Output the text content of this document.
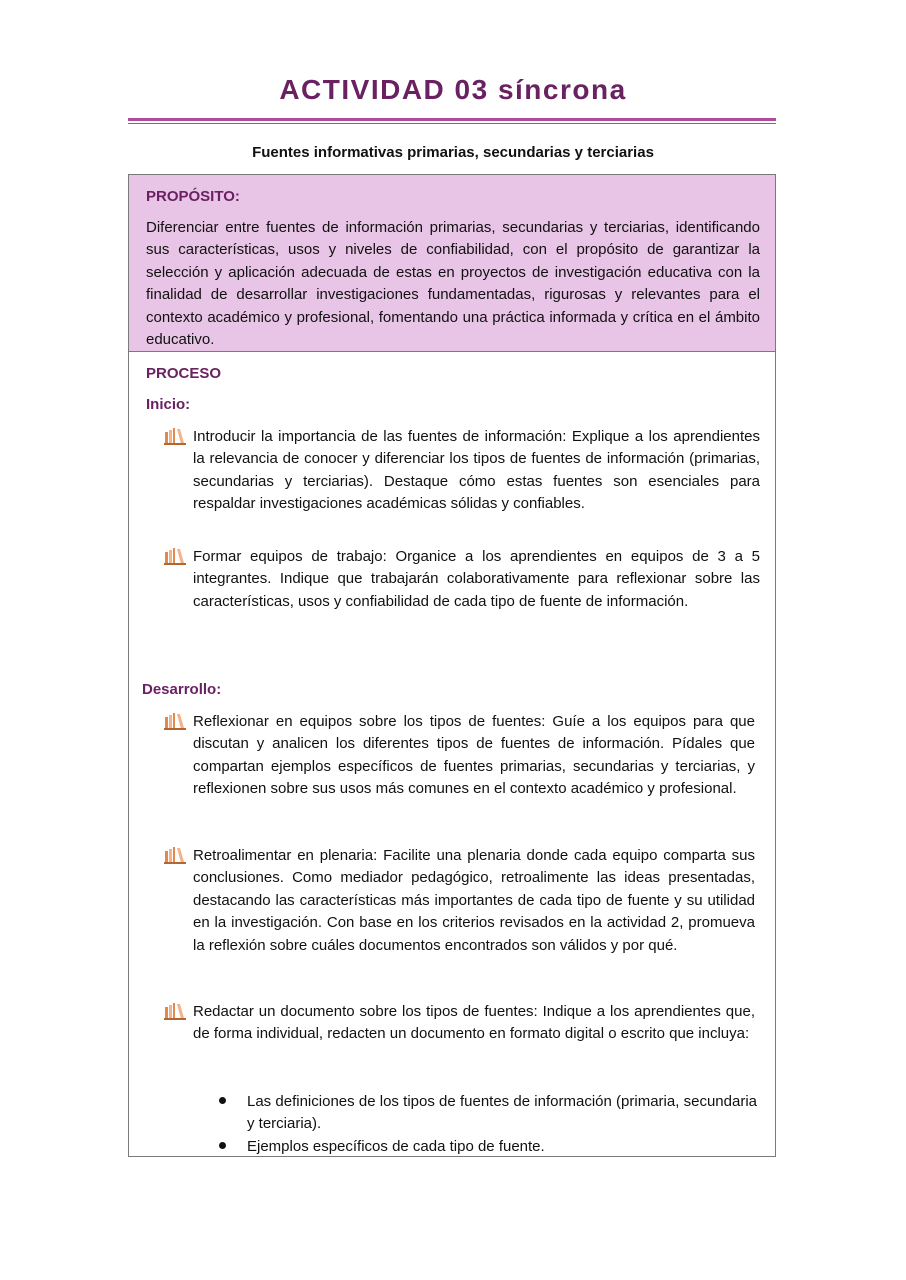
ACTIVIDAD 03 síncrona
Fuentes informativas primarias, secundarias y terciarias
PROPÓSITO:
Diferenciar entre fuentes de información primarias, secundarias y terciarias, identificando sus características, usos y niveles de confiabilidad, con el propósito de garantizar la selección y aplicación adecuada de estas en proyectos de investigación educativa con la finalidad de desarrollar investigaciones fundamentadas, rigurosas y relevantes para el contexto académico y profesional, fomentando una práctica informada y crítica en el ámbito educativo.
PROCESO
Inicio:
Introducir la importancia de las fuentes de información: Explique a los aprendientes la relevancia de conocer y diferenciar los tipos de fuentes de información (primarias, secundarias y terciarias). Destaque cómo estas fuentes son esenciales para respaldar investigaciones académicas sólidas y confiables.
Formar equipos de trabajo: Organice a los aprendientes en equipos de 3 a 5 integrantes. Indique que trabajarán colaborativamente para reflexionar sobre las características, usos y confiabilidad de cada tipo de fuente de información.
Desarrollo:
Reflexionar en equipos sobre los tipos de fuentes: Guíe a los equipos para que discutan y analicen los diferentes tipos de fuentes de información. Pídales que compartan ejemplos específicos de fuentes primarias, secundarias y terciarias, y reflexionen sobre sus usos más comunes en el contexto académico y profesional.
Retroalimentar en plenaria: Facilite una plenaria donde cada equipo comparta sus conclusiones. Como mediador pedagógico, retroalimente las ideas presentadas, destacando las características más importantes de cada tipo de fuente y su utilidad en la investigación. Con base en los criterios revisados en la actividad 2, promueva la reflexión sobre cuáles documentos encontrados son válidos y por qué.
Redactar un documento sobre los tipos de fuentes: Indique a los aprendientes que, de forma individual, redacten un documento en formato digital o escrito que incluya:
Las definiciones de los tipos de fuentes de información (primaria, secundaria y terciaria).
Ejemplos específicos de cada tipo de fuente.
